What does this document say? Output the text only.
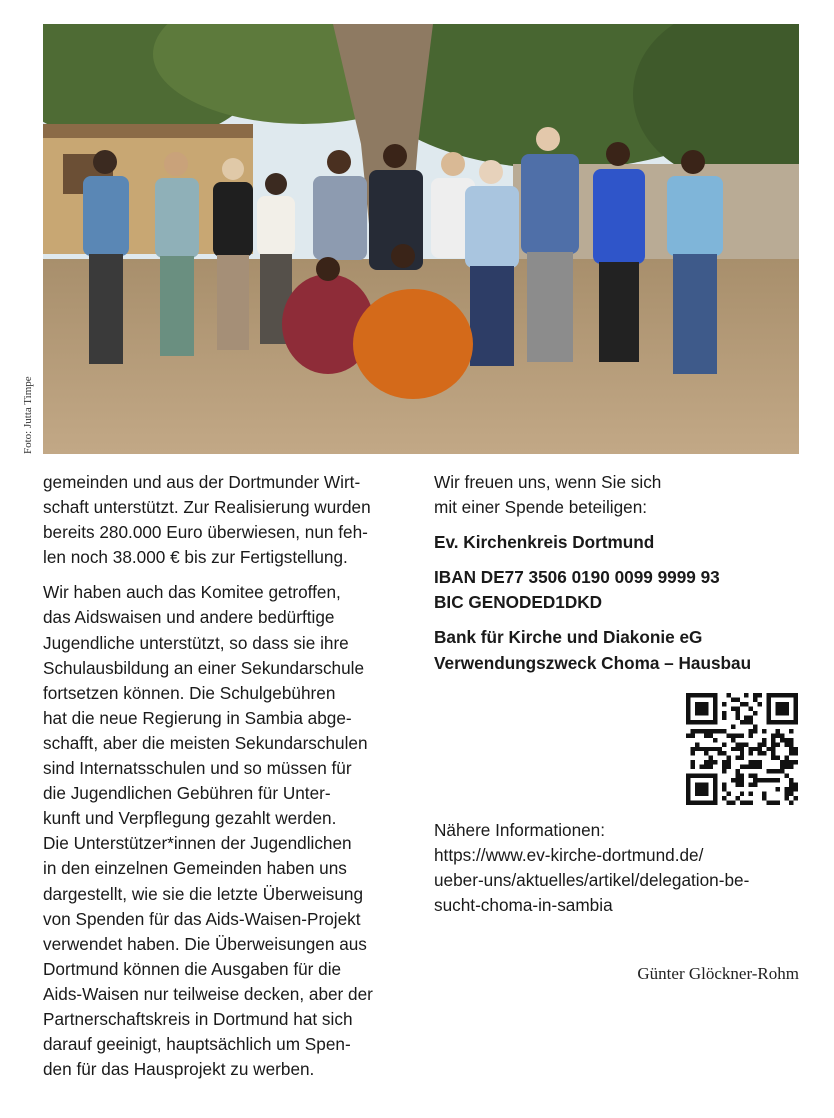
Foto: Jutta Timpe

gemeinden und aus der Dortmunder Wirt-
schaft unterstützt. Zur Realisierung wurden
bereits 280.000 Euro überwiesen, nun feh-
len noch 38.000 € bis zur Fertigstellung.

Wir haben auch das Komitee getroffen,
das Aidswaisen und andere bedürftige
Jugendliche unterstützt, so dass sie ihre
Schulausbildung an einer Sekundarschule
fortsetzen können. Die Schulgebühren
hat die neue Regierung in Sambia abge-
schafft, aber die meisten Sekundarschulen
sind Internatsschulen und so müssen für
die Jugendlichen Gebühren für Unter-
kunft und Verpflegung gezahlt werden.
Die Unterstützer*innen der Jugendlichen
in den einzelnen Gemeinden haben uns
dargestellt, wie sie die letzte Überweisung
von Spenden für das Aids-Waisen-Projekt
verwendet haben. Die Überweisungen aus
Dortmund können die Ausgaben für die
Aids-Waisen nur teilweise decken, aber der
Partnerschaftskreis in Dortmund hat sich
darauf geeinigt, hauptsächlich um Spen-
den für das Hausprojekt zu werben.

Wir freuen uns, wenn Sie sich
mit einer Spende beteiligen:

Ev. Kirchenkreis Dortmund

IBAN DE77 3506 0190 0099 9999 93
BIC GENODED1DKD

Bank für Kirche und Diakonie eG
Verwendungszweck Choma – Hausbau

Nähere Informationen:
https://www.ev-kirche-dortmund.de/
ueber-uns/aktuelles/artikel/delegation-be-
sucht-choma-in-sambia
Günter Glöckner-Rohm
